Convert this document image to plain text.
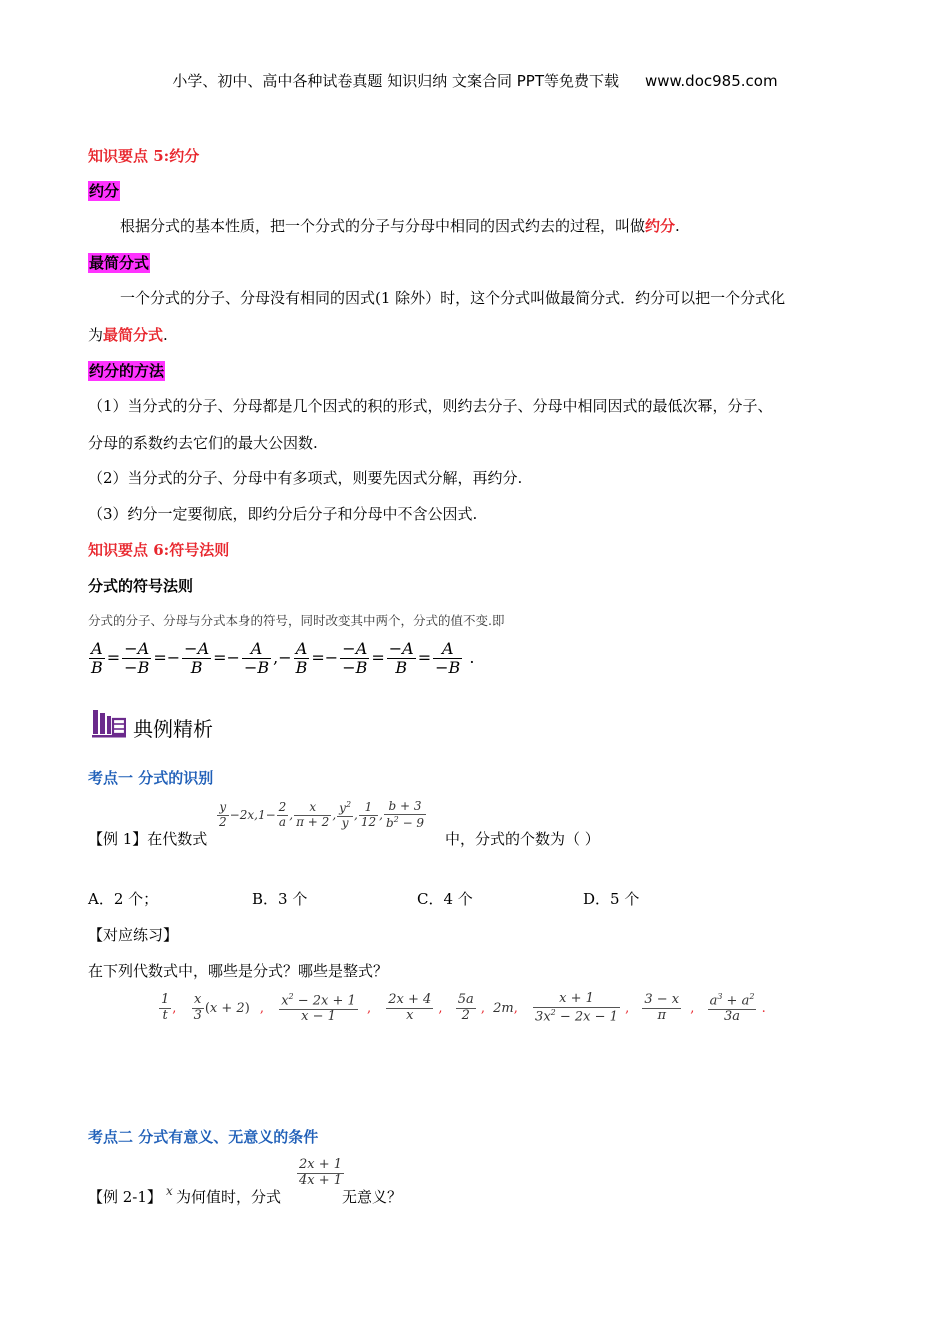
小学、初中、高中各种试卷真题 知识归纳 文案合同 PPT等免费下载 www.doc985.com
知识要点 5:约分
约分
根据分式的基本性质，把一个分式的分子与分母中相同的因式约去的过程，叫做约分.
最简分式
一个分式的分子、分母没有相同的因式(1 除外）时，这个分式叫做最简分式．约分可以把一个分式化
为最简分式.
约分的方法
（1）当分式的分子、分母都是几个因式的积的形式，则约去分子、分母中相同因式的最低次幂，分子、
分母的系数约去它们的最大公因数.
（2）当分式的分子、分母中有多项式，则要先因式分解，再约分.
（3）约分一定要彻底，即约分后分子和分母中不含公因式.
知识要点 6:符号法则
分式的符号法则
分式的分子、分母与分式本身的符号，同时改变其中两个，分式的值不变.即
$\frac{A}{B} = \frac{-A}{-B} =- \frac{-A}{B} =- \frac{A}{-B}$ ,− $\frac{A}{B} =- \frac{-A}{-B} = \frac{-A}{B} = \frac{A}{-B}$ .
典例精析
考点一 分式的识别
【例 1】在代数式
$\frac{y}{2} -2x,1- \frac{2}{a}$ , $\frac{x}{\pi + 2}$ , $\frac{y^2}{y}$ , $\frac{1}{12}$ , $\frac{b + 3}{b^2 - 9}$
中，分式的个数为（ ）
A．2 个；	B．3 个	C．4 个	D．5 个
【对应练习】
在下列代数式中，哪些是分式？哪些是整式？
$\frac{1}{t}$ , $\frac{x}{3} (x + 2)$ , $\frac{x^2 - 2x + 1}{x - 1}$ , $\frac{2x + 4}{x}$ , $\frac{5a}{2}$ , 2m, $\frac{x + 1}{3x^2 - 2x - 1}$ , $\frac{3 - x}{\pi}$ , $\frac{a^3 + a^2}{3a}$ .
考点二 分式有意义、无意义的条件
【例 2-1】 x 为何值时，分式
$\frac{2x + 1}{4x + 1}$
无意义？
